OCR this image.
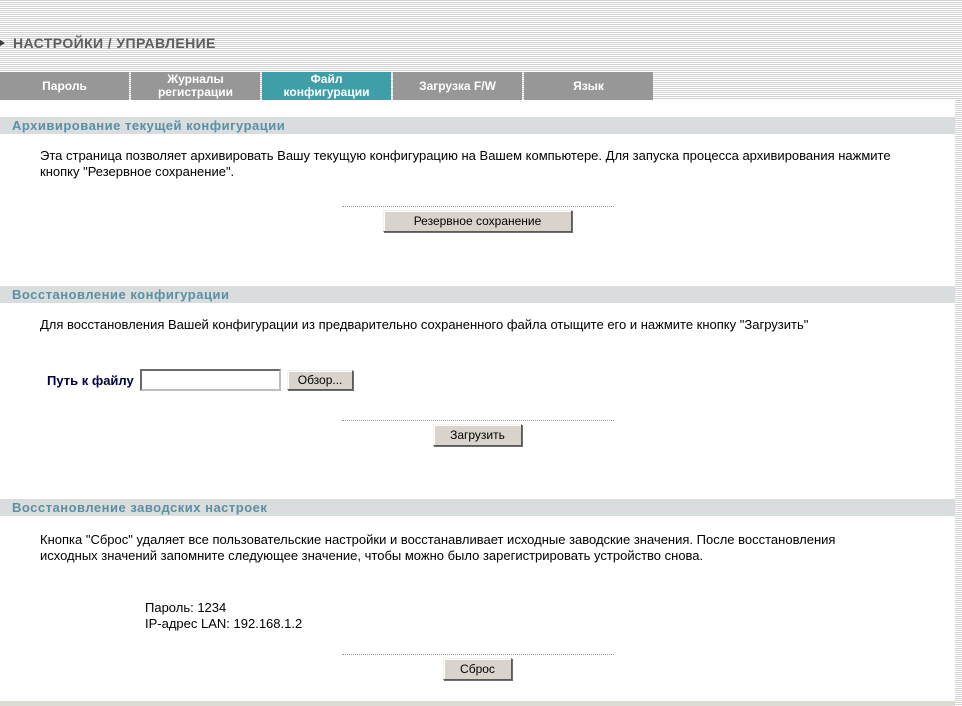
НАСТРОЙКИ / УПРАВЛЕНИЕ
Пароль	Журналы регистрации
Файл конфигурации	Загрузка F/W	Язык
Архивирование текущей конфигурации

Эта страница позволяет архивировать Вашу текущую конфигурацию на Вашем компьютере. Для запуска процесса архивирования нажмите кнопку "Резервное сохранение".

Резервное сохранение
Восстановление конфигурации

Для восстановления Вашей конфигурации из предварительно сохраненного файла отыщите его и нажмите кнопку "Загрузить"

Путь к файлу	Обзор...
Загрузить
Восстановление заводских настроек

Кнопка "Сброс" удаляет все пользовательские настройки и восстанавливает исходные заводские значения. После восстановления исходных значений запомните следующее значение, чтобы можно было зарегистрировать устройство снова.

Пароль: 1234
IP-адрес LAN: 192.168.1.2
Сброс
